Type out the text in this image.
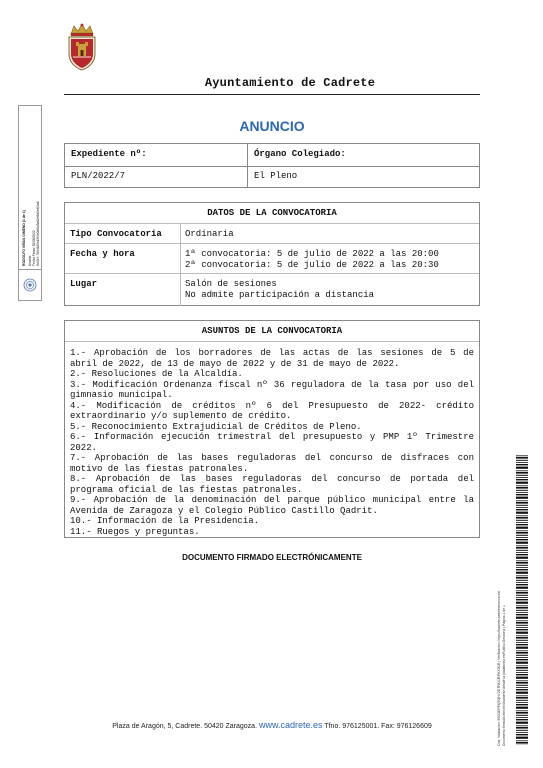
Ayuntamiento de Cadrete
ANUNCIO
Expediente nº:	Órgano Colegiado:
PLN/2022/7	El Pleno
DATOS DE LA CONVOCATORIA
Tipo Convocatoria	Ordinaria
Fecha y hora	1ª convocatoria: 5 de julio de 2022 a las 20:00
2ª convocatoria: 5 de julio de 2022 a las 20:30
Lugar	Salón de sesiones
No admite participación a distancia
ASUNTOS DE LA CONVOCATORIA
1.- Aprobación de los borradores de las actas de las sesiones de 5 de abril de 2022, de 13 de mayo de 2022 y de 31 de mayo de 2022.
2.- Resoluciones de la Alcaldía.
3.- Modificación Ordenanza fiscal nº 36 reguladora de la tasa por uso del gimnasio municipal.
4.- Modificación de créditos nº 6 del Presupuesto de 2022- crédito extraordinario y/o suplemento de crédito.
5.- Reconocimiento Extrajudicial de Créditos de Pleno.
6.- Información ejecución trimestral del presupuesto y PMP 1º Trimestre 2022.
7.- Aprobación de las bases reguladoras del concurso de disfraces con motivo de las fiestas patronales.
8.- Aprobación de las bases reguladoras del concurso de portada del programa oficial de las fiestas patronales.
9.- Aprobación de la denominación del parque público municipal entre la Avenida de Zaragoza y el Colegio Público Castillo Qadrit.
10.- Información de la Presidencia.
11.- Ruegos y preguntas.
DOCUMENTO FIRMADO ELECTRÓNICAMENTE
RODOLFO VIÑAS GIMENO (1 de 1) Alcalde Fecha Firma: 30/06/2022 HASH: 7b5c6d5e19f4e0df5d3a62e6d5e4f2a6
Cód. Validación: 9SG3DPFQTQHY2DTPAXJEPKX9CR | Verificación: https://cadrete.sedelectronica.es/ Documento firmado electrónicamente desde la plataforma esPublico Gestiona | Página 1 de 1
Plaza de Aragón, 5, Cadrete. 50420 Zaragoza. www.cadrete.es Tfno. 976125001. Fax: 976126609
